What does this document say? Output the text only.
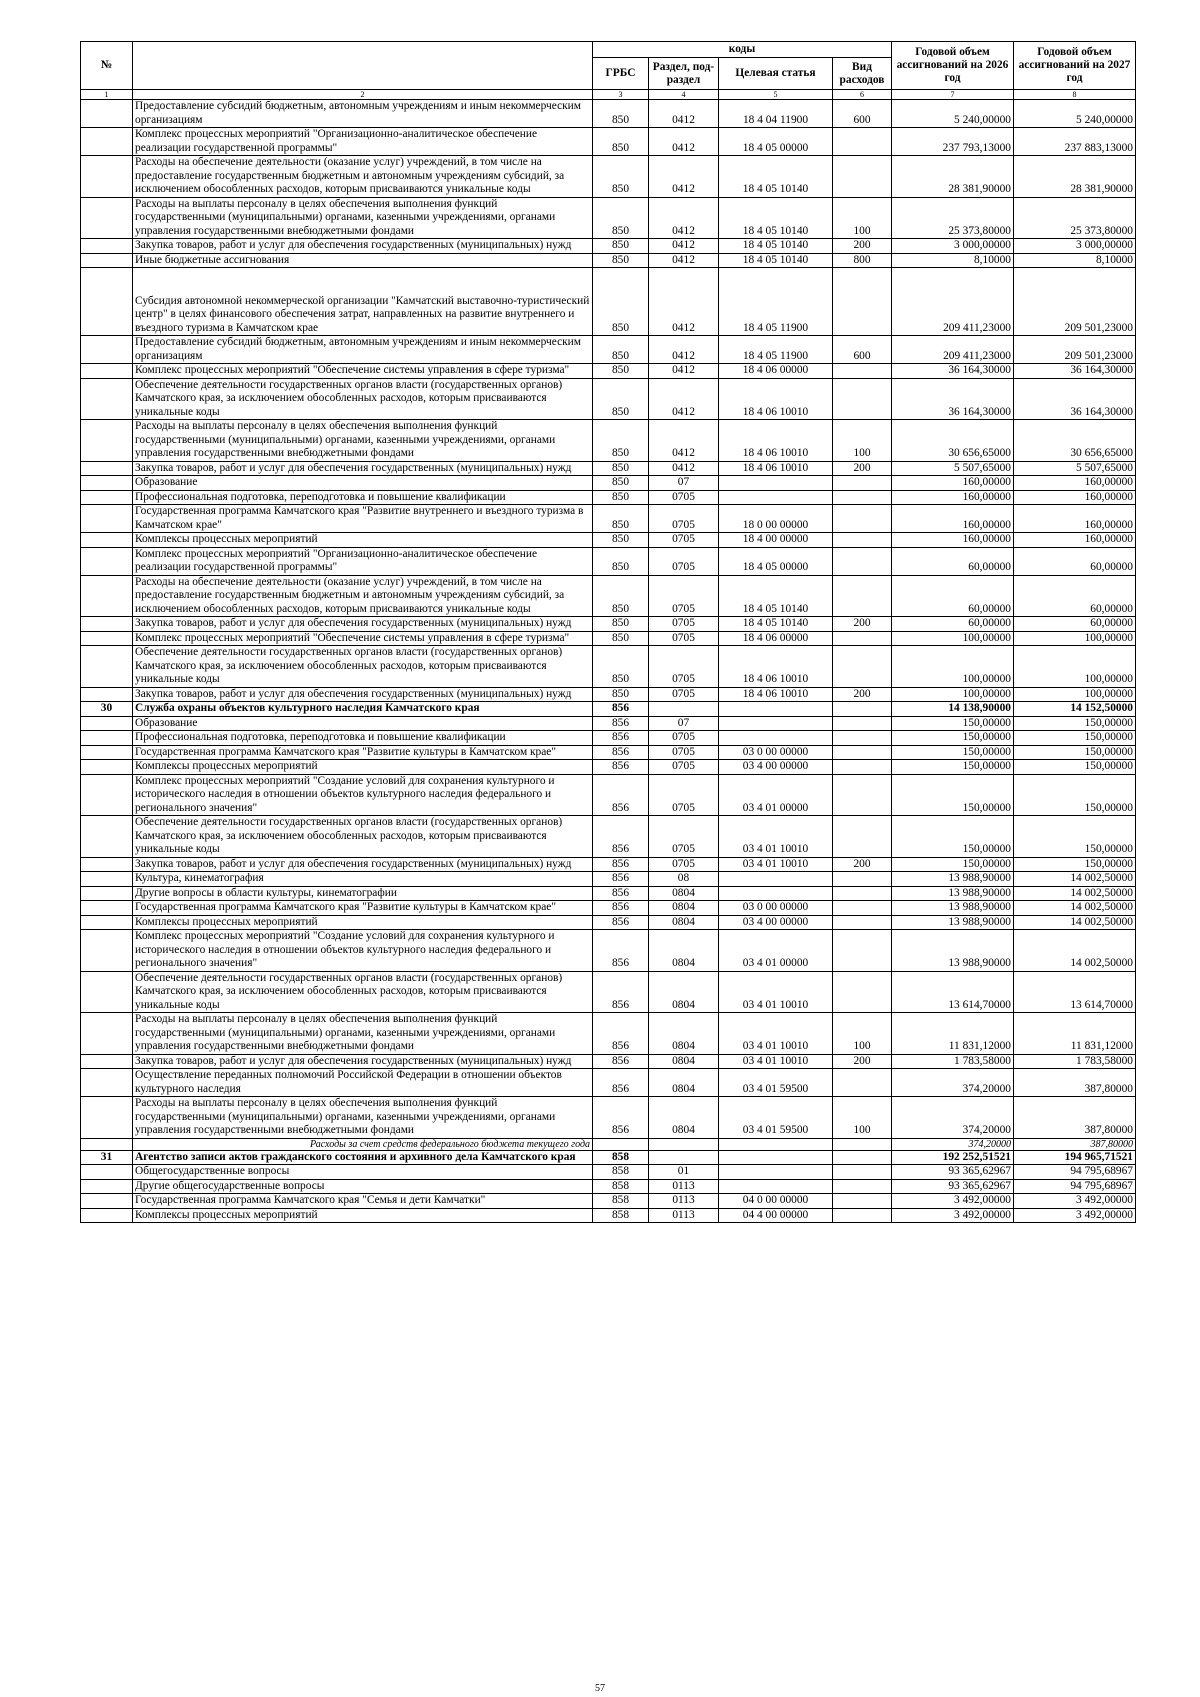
№		коды				Годовой объем ассигнований на 2026 год	Годовой объем ассигнований на 2027 год
		ГРБС	Раздел, под-раздел	Целевая статья	Вид расходов		
1	2	3	4	5	6	7	8
	Предоставление субсидий бюджетным, автономным учреждениям и иным некоммерческим организациям	850	0412	18 4 04 11900	600	5 240,00000	5 240,00000
	Комплекс процессных мероприятий "Организационно-аналитическое обеспечение реализации государственной программы"	850	0412	18 4 05 00000		237 793,13000	237 883,13000
	Расходы на обеспечение деятельности (оказание услуг) учреждений, в том числе на предоставление государственным бюджетным и автономным учреждениям субсидий, за исключением обособленных расходов, которым присваиваются уникальные коды	850	0412	18 4 05 10140		28 381,90000	28 381,90000
	Расходы на выплаты персоналу в целях обеспечения выполнения функций государственными (муниципальными) органами, казенными учреждениями, органами управления государственными внебюджетными фондами	850	0412	18 4 05 10140	100	25 373,80000	25 373,80000
	Закупка товаров, работ и услуг для обеспечения государственных (муниципальных) нужд	850	0412	18 4 05 10140	200	3 000,00000	3 000,00000
	Иные бюджетные ассигнования	850	0412	18 4 05 10140	800	8,10000	8,10000
	Субсидия автономной некоммерческой организации "Камчатский выставочно-туристический центр" в целях финансового обеспечения затрат, направленных на развитие внутреннего и въездного туризма в Камчатском крае	850	0412	18 4 05 11900		209 411,23000	209 501,23000
	Предоставление субсидий бюджетным, автономным учреждениям и иным некоммерческим организациям	850	0412	18 4 05 11900	600	209 411,23000	209 501,23000
	Комплекс процессных мероприятий "Обеспечение системы управления в сфере туризма"	850	0412	18 4 06 00000		36 164,30000	36 164,30000
	Обеспечение деятельности государственных органов власти (государственных органов) Камчатского края, за исключением обособленных расходов, которым присваиваются уникальные коды	850	0412	18 4 06 10010		36 164,30000	36 164,30000
	Расходы на выплаты персоналу в целях обеспечения выполнения функций государственными (муниципальными) органами, казенными учреждениями, органами управления государственными внебюджетными фондами	850	0412	18 4 06 10010	100	30 656,65000	30 656,65000
	Закупка товаров, работ и услуг для обеспечения государственных (муниципальных) нужд	850	0412	18 4 06 10010	200	5 507,65000	5 507,65000
	Образование	850	07			160,00000	160,00000
	Профессиональная подготовка, переподготовка и повышение квалификации	850	0705			160,00000	160,00000
	Государственная программа Камчатского края "Развитие внутреннего и въездного туризма в Камчатском крае"	850	0705	18 0 00 00000		160,00000	160,00000
	Комплексы процессных мероприятий	850	0705	18 4 00 00000		160,00000	160,00000
	Комплекс процессных мероприятий "Организационно-аналитическое обеспечение реализации государственной программы"	850	0705	18 4 05 00000		60,00000	60,00000
	Расходы на обеспечение деятельности (оказание услуг) учреждений, в том числе на предоставление государственным бюджетным и автономным учреждениям субсидий, за исключением обособленных расходов, которым присваиваются уникальные коды	850	0705	18 4 05 10140		60,00000	60,00000
	Закупка товаров, работ и услуг для обеспечения государственных (муниципальных) нужд	850	0705	18 4 05 10140	200	60,00000	60,00000
	Комплекс процессных мероприятий "Обеспечение системы управления в сфере туризма"	850	0705	18 4 06 00000		100,00000	100,00000
	Обеспечение деятельности государственных органов власти (государственных органов) Камчатского края, за исключением обособленных расходов, которым присваиваются уникальные коды	850	0705	18 4 06 10010		100,00000	100,00000
	Закупка товаров, работ и услуг для обеспечения государственных (муниципальных) нужд	850	0705	18 4 06 10010	200	100,00000	100,00000
30	Служба охраны объектов культурного наследия Камчатского края	856				14 138,90000	14 152,50000
	Образование	856	07			150,00000	150,00000
	Профессиональная подготовка, переподготовка и повышение квалификации	856	0705			150,00000	150,00000
	Государственная программа Камчатского края "Развитие культуры в Камчатском крае"	856	0705	03 0 00 00000		150,00000	150,00000
	Комплексы процессных мероприятий	856	0705	03 4 00 00000		150,00000	150,00000
	Комплекс процессных мероприятий "Создание условий для сохранения культурного и исторического наследия в отношении объектов культурного наследия федерального и регионального значения"	856	0705	03 4 01 00000		150,00000	150,00000
	Обеспечение деятельности государственных органов власти (государственных органов) Камчатского края, за исключением обособленных расходов, которым присваиваются уникальные коды	856	0705	03 4 01 10010		150,00000	150,00000
	Закупка товаров, работ и услуг для обеспечения государственных (муниципальных) нужд	856	0705	03 4 01 10010	200	150,00000	150,00000
	Культура, кинематография	856	08			13 988,90000	14 002,50000
	Другие вопросы в области культуры, кинематографии	856	0804			13 988,90000	14 002,50000
	Государственная программа Камчатского края "Развитие культуры в Камчатском крае"	856	0804	03 0 00 00000		13 988,90000	14 002,50000
	Комплексы процессных мероприятий	856	0804	03 4 00 00000		13 988,90000	14 002,50000
	Комплекс процессных мероприятий "Создание условий для сохранения культурного и исторического наследия в отношении объектов культурного наследия федерального и регионального значения"	856	0804	03 4 01 00000		13 988,90000	14 002,50000
	Обеспечение деятельности государственных органов власти (государственных органов) Камчатского края, за исключением обособленных расходов, которым присваиваются уникальные коды	856	0804	03 4 01 10010		13 614,70000	13 614,70000
	Расходы на выплаты персоналу в целях обеспечения выполнения функций государственными (муниципальными) органами, казенными учреждениями, органами управления государственными внебюджетными фондами	856	0804	03 4 01 10010	100	11 831,12000	11 831,12000
	Закупка товаров, работ и услуг для обеспечения государственных (муниципальных) нужд	856	0804	03 4 01 10010	200	1 783,58000	1 783,58000
	Осуществление переданных полномочий Российской Федерации в отношении объектов культурного наследия	856	0804	03 4 01 59500		374,20000	387,80000
	Расходы на выплаты персоналу в целях обеспечения выполнения функций государственными (муниципальными) органами, казенными учреждениями, органами управления государственными внебюджетными фондами	856	0804	03 4 01 59500	100	374,20000	387,80000
	Расходы за счет средств федерального бюджета текущего года					374,20000	387,80000
31	Агентство записи актов гражданского состояния и архивного дела Камчатского края	858				192 252,51521	194 965,71521
	Общегосударственные вопросы	858	01			93 365,62967	94 795,68967
	Другие общегосударственные вопросы	858	0113			93 365,62967	94 795,68967
	Государственная программа Камчатского края "Семья и дети Камчатки"	858	0113	04 0 00 00000		3 492,00000	3 492,00000
	Комплексы процессных мероприятий	858	0113	04 4 00 00000		3 492,00000	3 492,00000
57
